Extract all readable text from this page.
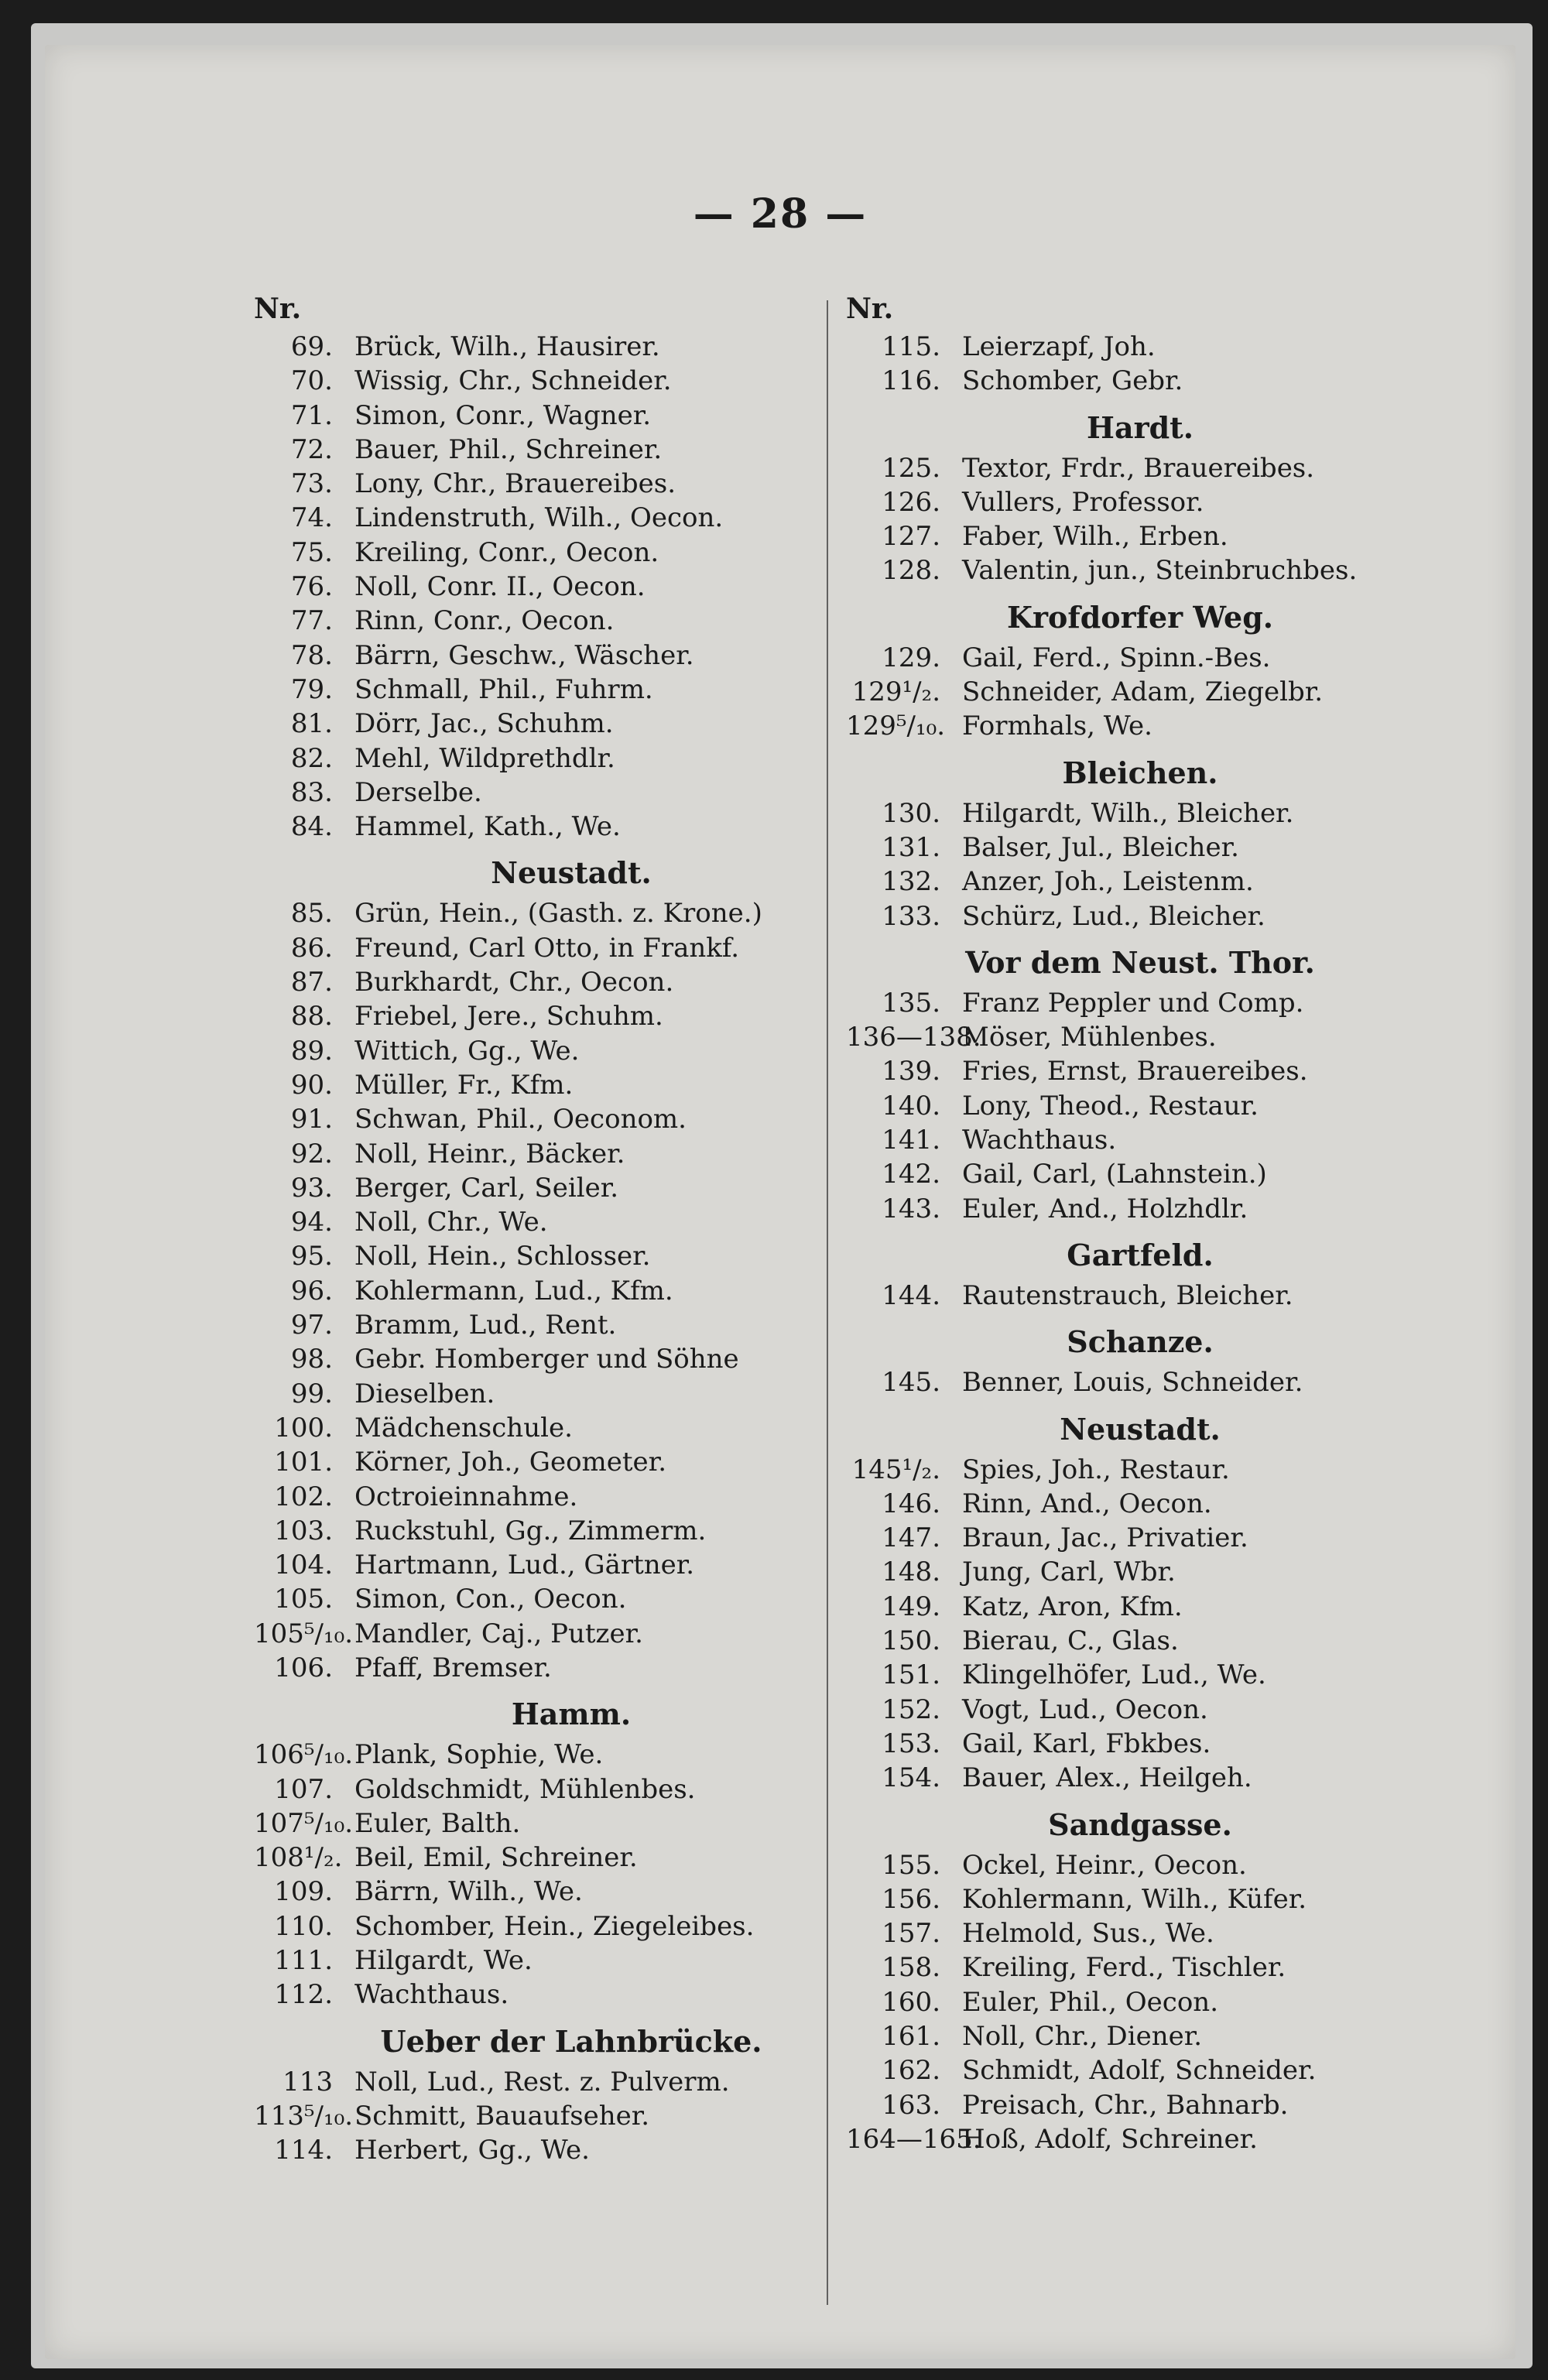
— 28 —
Nr.
69. Brück, Wilh., Hausirer.
70. Wissig, Chr., Schneider.
71. Simon, Conr., Wagner.
72. Bauer, Phil., Schreiner.
73. Lony, Chr., Brauereibes.
74. Lindenstruth, Wilh., Oecon.
75. Kreiling, Conr., Oecon.
76. Noll, Conr. II., Oecon.
77. Rinn, Conr., Oecon.
78. Bärrn, Geschw., Wäscher.
79. Schmall, Phil., Fuhrm.
81. Dörr, Jac., Schuhm.
82. Mehl, Wildprethdlr.
83. Derselbe.
84. Hammel, Kath., We.
Neustadt.
85. Grün, Hein., (Gasth. z. Krone.)
86. Freund, Carl Otto, in Frankf.
87. Burkhardt, Chr., Oecon.
88. Friebel, Jere., Schuhm.
89. Wittich, Gg., We.
90. Müller, Fr., Kfm.
91. Schwan, Phil., Oeconom.
92. Noll, Heinr., Bäcker.
93. Berger, Carl, Seiler.
94. Noll, Chr., We.
95. Noll, Hein., Schlosser.
96. Kohlermann, Lud., Kfm.
97. Bramm, Lud., Rent.
98. Gebr. Homberger und Söhne
99. Dieselben.
100. Mädchenschule.
101. Körner, Joh., Geometer.
102. Octroieinnahme.
103. Ruckstuhl, Gg., Zimmerm.
104. Hartmann, Lud., Gärtner.
105. Simon, Con., Oecon.
105⁵/₁₀. Mandler, Caj., Putzer.
106. Pfaff, Bremser.
Hamm.
106⁵/₁₀. Plank, Sophie, We.
107. Goldschmidt, Mühlenbes.
107⁵/₁₀. Euler, Balth.
108¹/₂. Beil, Emil, Schreiner.
109. Bärrn, Wilh., We.
110. Schomber, Hein., Ziegeleibes.
111. Hilgardt, We.
112. Wachthaus.
Ueber der Lahnbrücke.
113 Noll, Lud., Rest. z. Pulverm.
113⁵/₁₀. Schmitt, Bauaufseher.
114. Herbert, Gg., We.
Nr.
115. Leierzapf, Joh.
116. Schomber, Gebr.
Hardt.
125. Textor, Frdr., Brauereibes.
126. Vullers, Professor.
127. Faber, Wilh., Erben.
128. Valentin, jun., Steinbruchbes.
Krofdorfer Weg.
129. Gail, Ferd., Spinn.-Bes.
129¹/₂. Schneider, Adam, Ziegelbr.
129⁵/₁₀. Formhals, We.
Bleichen.
130. Hilgardt, Wilh., Bleicher.
131. Balser, Jul., Bleicher.
132. Anzer, Joh., Leistenm.
133. Schürz, Lud., Bleicher.
Vor dem Neust. Thor.
135. Franz Peppler und Comp.
136—138.
Möser, Mühlenbes.
139. Fries, Ernst, Brauereibes.
140. Lony, Theod., Restaur.
141. Wachthaus.
142. Gail, Carl, (Lahnstein.)
143. Euler, And., Holzhdlr.
Gartfeld.
144. Rautenstrauch, Bleicher.
Schanze.
145. Benner, Louis, Schneider.
Neustadt.
145¹/₂. Spies, Joh., Restaur.
146. Rinn, And., Oecon.
147. Braun, Jac., Privatier.
148. Jung, Carl, Wbr.
149. Katz, Aron, Kfm.
150. Bierau, C., Glas.
151. Klingelhöfer, Lud., We.
152. Vogt, Lud., Oecon.
153. Gail, Karl, Fbkbes.
154. Bauer, Alex., Heilgeh.
Sandgasse.
155. Ockel, Heinr., Oecon.
156. Kohlermann, Wilh., Küfer.
157. Helmold, Sus., We.
158. Kreiling, Ferd., Tischler.
160. Euler, Phil., Oecon.
161. Noll, Chr., Diener.
162. Schmidt, Adolf, Schneider.
163. Preisach, Chr., Bahnarb.
164—165.
Hoß, Adolf, Schreiner.
